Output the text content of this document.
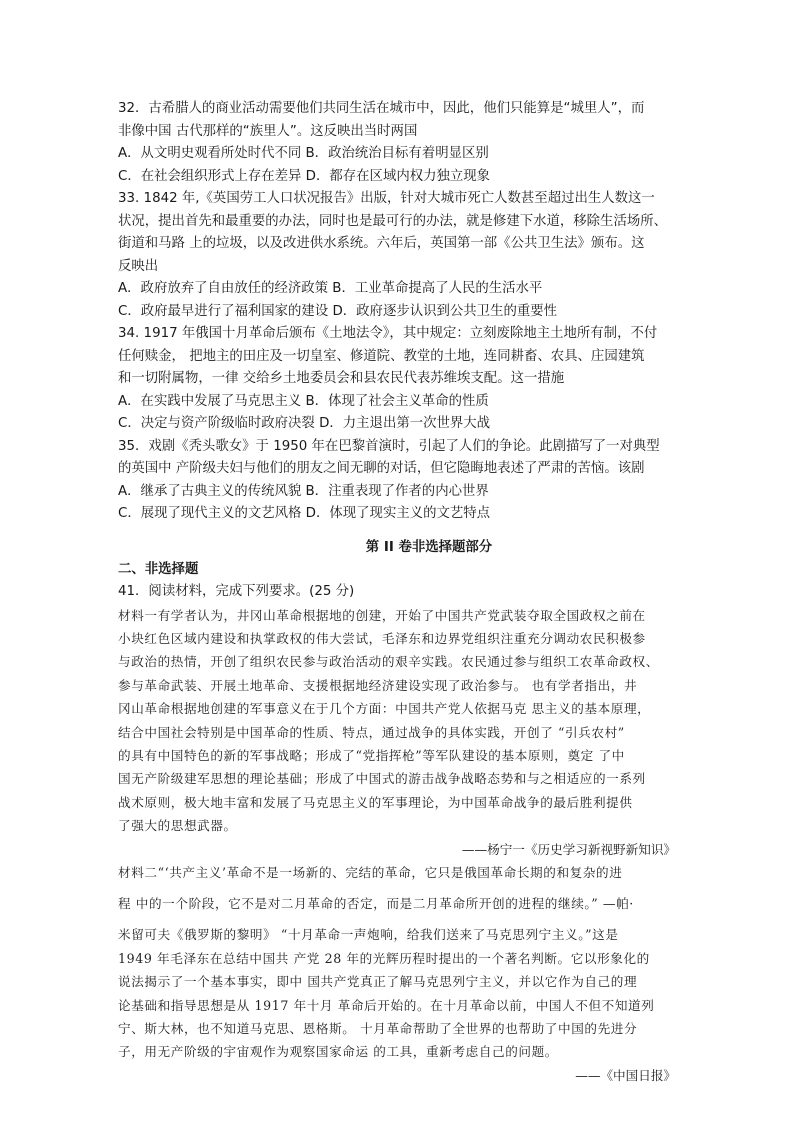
32．古希腊人的商业活动需要他们共同生活在城市中，因此，他们只能算是“城里人”，而
非像中国 古代那样的“族里人”。这反映出当时两国
A．从文明史观看所处时代不同 B．政治统治目标有着明显区别
C．在社会组织形式上存在差异 D．都存在区域内权力独立现象
33. 1842 年,《英国劳工人口状况报告》出版，针对大城市死亡人数甚至超过出生人数这一
状况，提出首先和最重要的办法，同时也是最可行的办法，就是修建下水道，移除生活场所、
街道和马路 上的垃圾，以及改进供水系统。六年后，英国第一部《公共卫生法》颁布。这
反映出
A．政府放弃了自由放任的经济政策 B．工业革命提高了人民的生活水平
C．政府最早进行了福利国家的建设 D．政府逐步认识到公共卫生的重要性
34. 1917 年俄国十月革命后颁布《土地法令》，其中规定：立刻废除地主土地所有制，不付
任何赎金， 把地主的田庄及一切皇室、修道院、教堂的土地，连同耕畜、农具、庄园建筑
和一切附属物，一律 交给乡土地委员会和县农民代表苏维埃支配。这一措施
A．在实践中发展了马克思主义 B．体现了社会主义革命的性质
C．决定与资产阶级临时政府决裂 D．力主退出第一次世界大战
35．戏剧《秃头歌女》于 1950 年在巴黎首演时，引起了人们的争论。此剧描写了一对典型
的英国中 产阶级夫妇与他们的朋友之间无聊的对话，但它隐晦地表述了严肃的苦恼。该剧
A．继承了古典主义的传统风貌 B．注重表现了作者的内心世界
C．展现了现代主义的文艺风格 D．体现了现实主义的文艺特点
第 II 卷非选择题部分
二、非选择题
41．阅读材料，完成下列要求。(25 分)
材料一有学者认为，井冈山革命根据地的创建，开始了中国共产党武装夺取全国政权之前在
小块红色区域内建设和执掌政权的伟大尝试，毛泽东和边界党组织注重充分调动农民积极参
与政治的热情，开创了组织农民参与政治活动的艰辛实践。农民通过参与组织工农革命政权、
参与革命武装、开展土地革命、支援根据地经济建设实现了政治参与。 也有学者指出，井
冈山革命根据地创建的军事意义在于几个方面：中国共产党人依据马克 思主义的基本原理，
结合中国社会特别是中国革命的性质、特点，通过战争的具体实践，开创了 “引兵农村”
的具有中国特色的新的军事战略；形成了“党指挥枪”等军队建设的基本原则，奠定 了中
国无产阶级建军思想的理论基础；形成了中国式的游击战争战略态势和与之相适应的一系列
战术原则，极大地丰富和发展了马克思主义的军事理论，为中国革命战争的最后胜利提供
了强大的思想武器。
——杨宁一《历史学习新视野新知识》
材料二“‘共产主义’革命不是一场新的、完结的革命，它只是俄国革命长期的和复杂的进
程 中的一个阶段，它不是对二月革命的否定，而是二月革命所开创的进程的继续。” —帕·
米留可夫《俄罗斯的黎明》 “十月革命一声炮响，给我们送来了马克思列宁主义。”这是
1949 年毛泽东在总结中国共 产党 28 年的光辉历程时提出的一个著名判断。它以形象化的
说法揭示了一个基本事实，即中 国共产党真正了解马克思列宁主义，并以它作为自己的理
论基础和指导思想是从 1917 年十月 革命后开始的。在十月革命以前，中国人不但不知道列
宁、斯大林，也不知道马克思、恩格斯。 十月革命帮助了全世界的也帮助了中国的先进分
子，用无产阶级的宇宙观作为观察国家命运 的工具，重新考虑自己的问题。
——《中国日报》
